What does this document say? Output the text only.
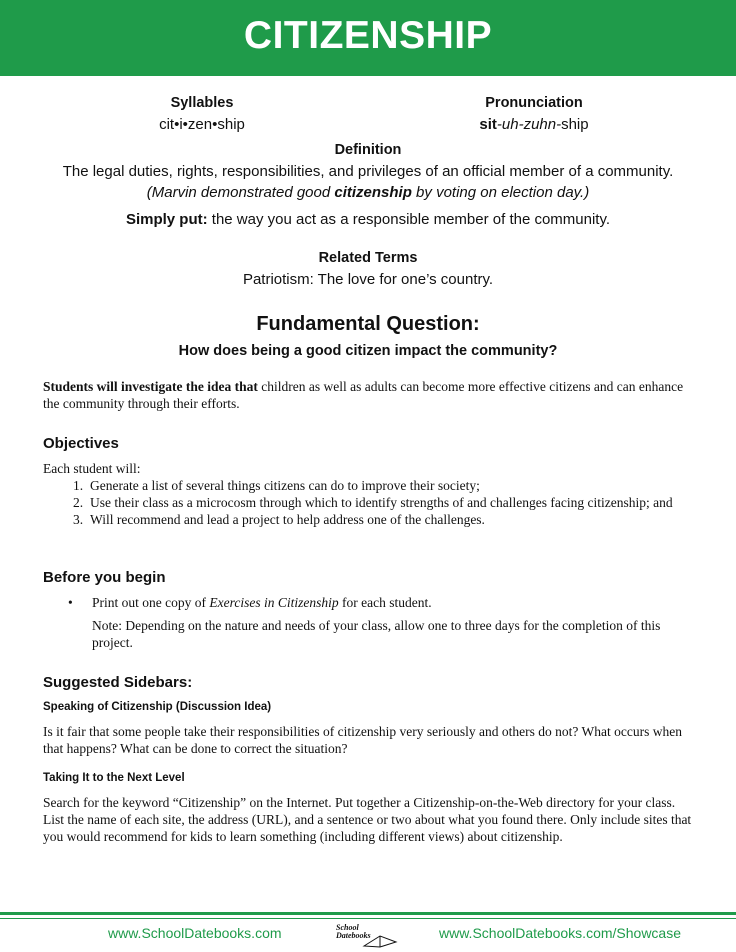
CITIZENSHIP
Syllables
cit•i•zen•ship
Pronunciation
sit-uh-zuhn-ship
Definition
The legal duties, rights, responsibilities, and privileges of an official member of a community.
(Marvin demonstrated good citizenship by voting on election day.)
Simply put: the way you act as a responsible member of the community.
Related Terms
Patriotism: The love for one’s country.
Fundamental Question:
How does being a good citizen impact the community?
Students will investigate the idea that children as well as adults can become more effective citizens and can enhance the community through their efforts.
Objectives
Each student will:
1. Generate a list of several things citizens can do to improve their society;
2. Use their class as a microcosm through which to identify strengths of and challenges facing citizenship; and
3. Will recommend and lead a project to help address one of the challenges.
Before you begin
•	Print out one copy of Exercises in Citizenship for each student.
Note: Depending on the nature and needs of your class, allow one to three days for the completion of this project.
Suggested Sidebars:
Speaking of Citizenship (Discussion Idea)
Is it fair that some people take their responsibilities of citizenship very seriously and others do not? What occurs when that happens? What can be done to correct the situation?
Taking It to the Next Level
Search for the keyword “Citizenship” on the Internet. Put together a Citizenship-on-the-Web directory for your class. List the name of each site, the address (URL), and a sentence or two about what you found there. Only include sites that you would recommend for kids to learn something (including different views) about citizenship.
www.SchoolDatebooks.com	School
Datebooks	www.SchoolDatebooks.com/Showcase
